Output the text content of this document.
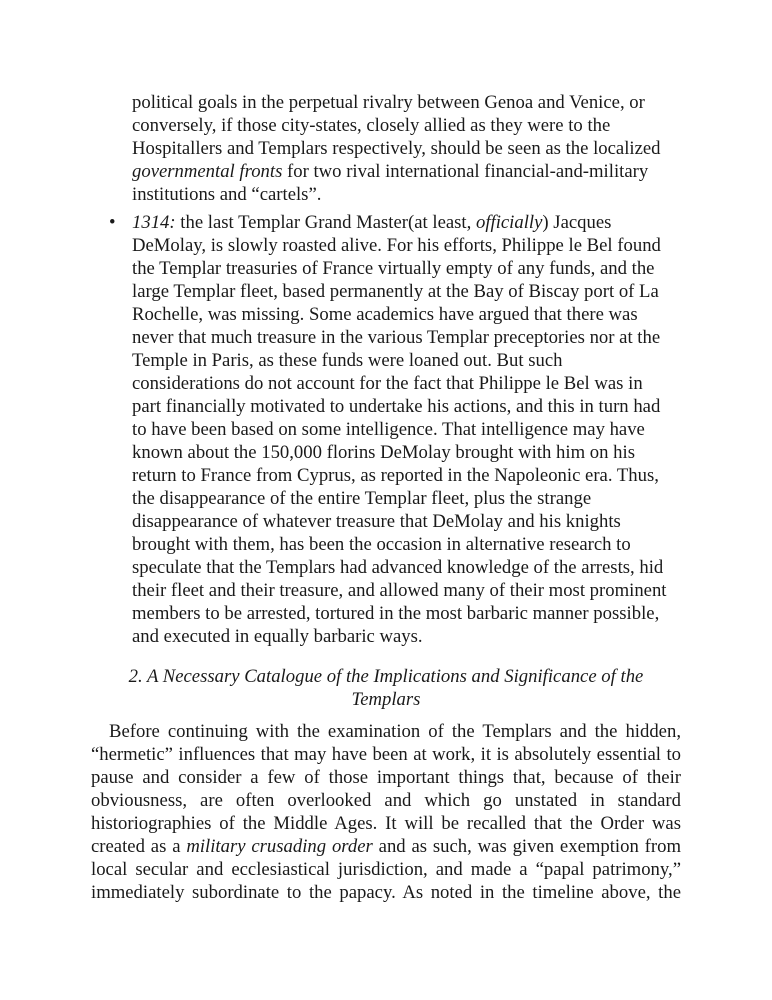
political goals in the perpetual rivalry between Genoa and Venice, or
conversely, if those city-states, closely allied as they were to the
Hospitallers and Templars respectively, should be seen as the localized
governmental fronts for two rival international financial-and-military
institutions and “cartels”.

• 1314: the last Templar Grand Master(at least, officially) Jacques
DeMolay, is slowly roasted alive. For his efforts, Philippe le Bel found
the Templar treasuries of France virtually empty of any funds, and the
large Templar fleet, based permanently at the Bay of Biscay port of La
Rochelle, was missing. Some academics have argued that there was
never that much treasure in the various Templar preceptories nor at the
Temple in Paris, as these funds were loaned out. But such
considerations do not account for the fact that Philippe le Bel was in
part financially motivated to undertake his actions, and this in turn had
to have been based on some intelligence. That intelligence may have
known about the 150,000 florins DeMolay brought with him on his
return to France from Cyprus, as reported in the Napoleonic era. Thus,
the disappearance of the entire Templar fleet, plus the strange
disappearance of whatever treasure that DeMolay and his knights
brought with them, has been the occasion in alternative research to
speculate that the Templars had advanced knowledge of the arrests, hid
their fleet and their treasure, and allowed many of their most prominent
members to be arrested, tortured in the most barbaric manner possible,
and executed in equally barbaric ways.

2. A Necessary Catalogue of the Implications and Significance of the
Templars

Before continuing with the examination of the Templars and the hidden,
“hermetic” influences that may have been at work, it is absolutely essential to
pause and consider a few of those important things that, because of their
obviousness, are often overlooked and which go unstated in standard
historiographies of the Middle Ages. It will be recalled that the Order was
created as a military crusading order and as such, was given exemption from
local secular and ecclesiastical jurisdiction, and made a “papal patrimony,”
immediately subordinate to the papacy. As noted in the timeline above, the
